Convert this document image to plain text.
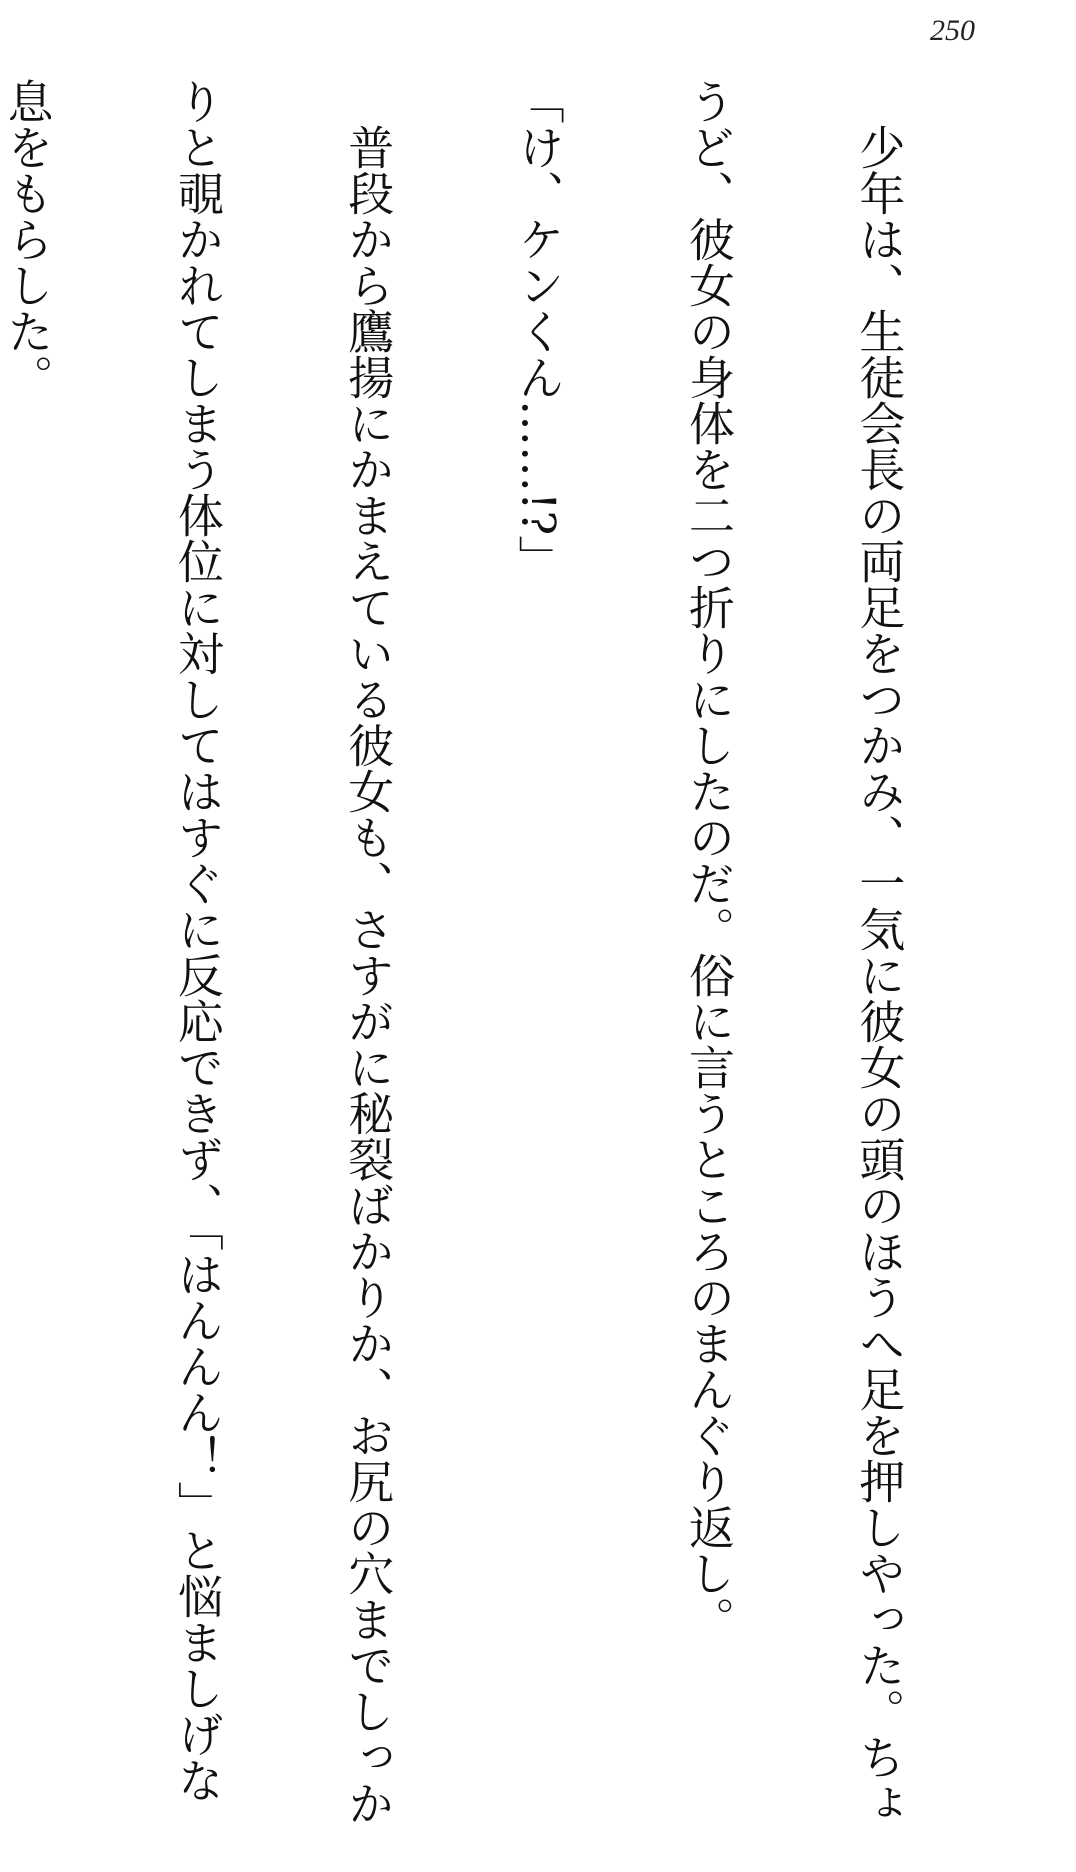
250

　少年は、生徒会長の両足をつかみ、一気に彼女の頭のほうへ足を押しやった。ちょ

うど、彼女の身体を二つ折りにしたのだ。俗に言うところのまんぐり返し。

「け、ケンくん……!?」

　普段から鷹揚にかまえている彼女も、さすがに秘裂ばかりか、お尻の穴までしっか

りと覗かれてしまう体位に対してはすぐに反応できず、「はんんん！」と悩ましげな

息をもらした。
